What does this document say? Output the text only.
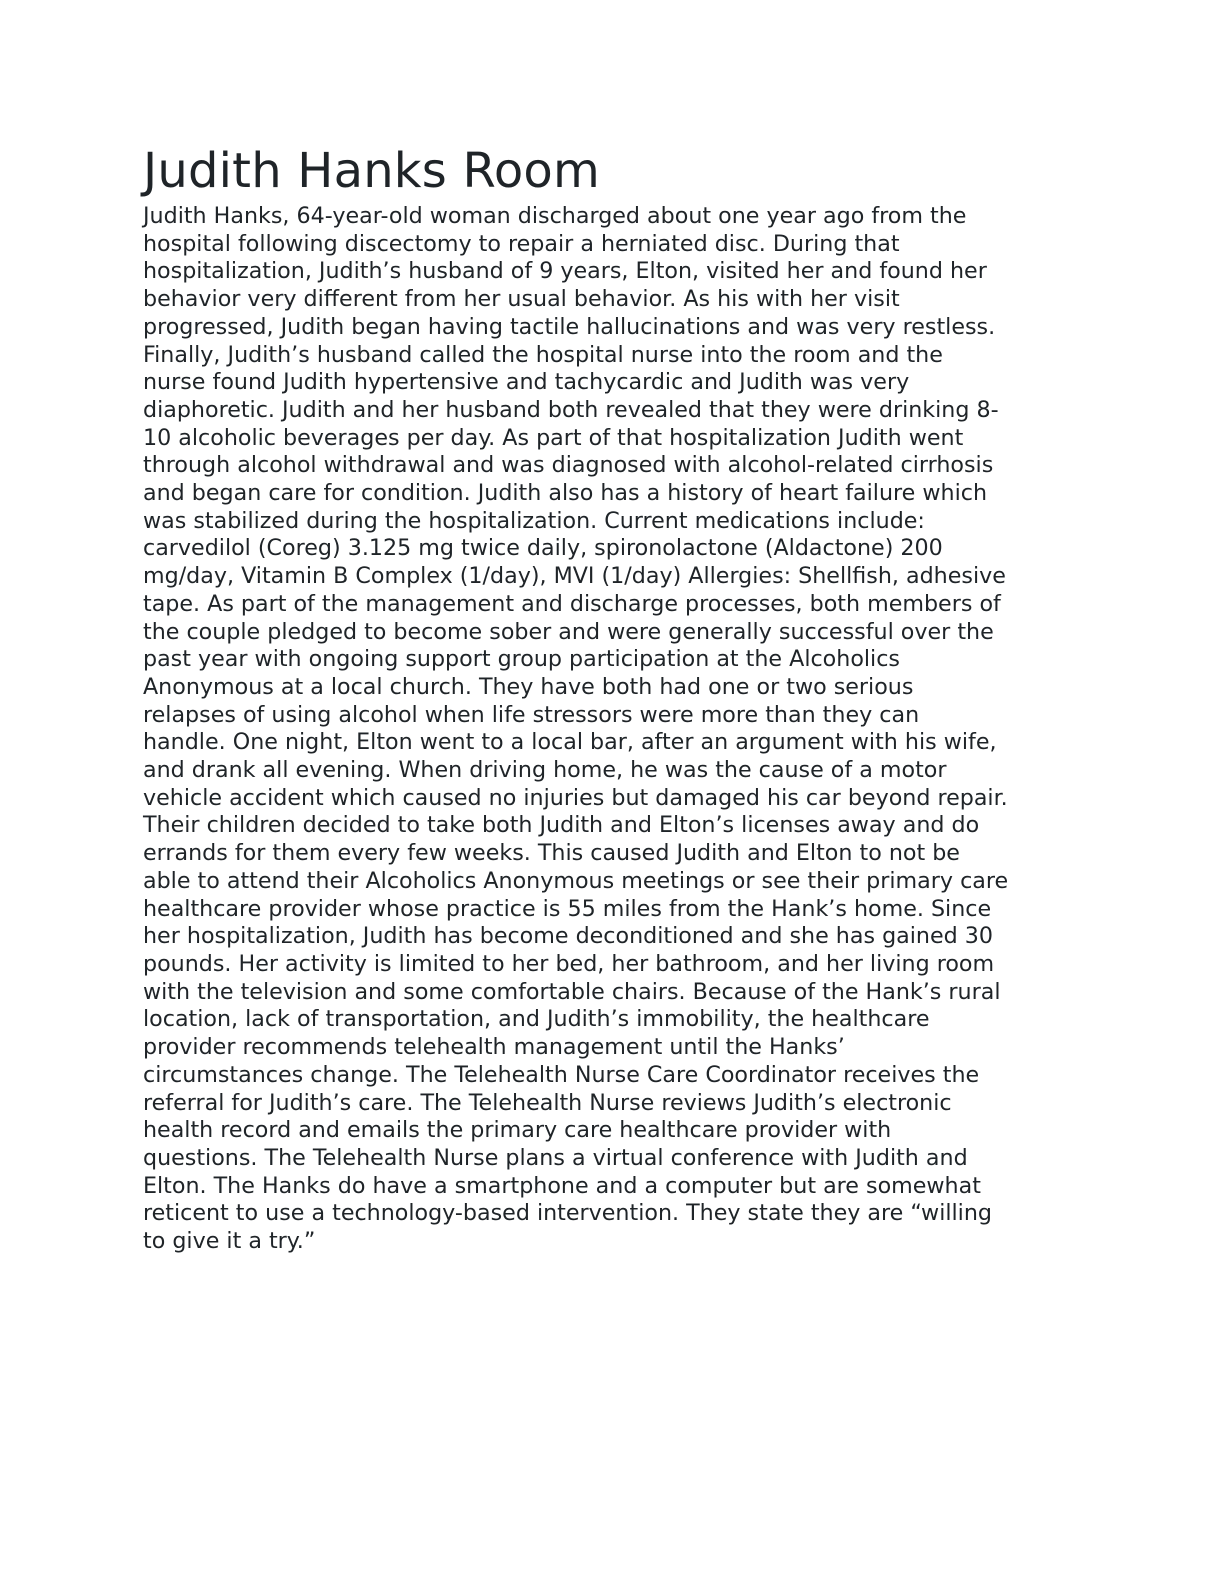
Judith Hanks Room
Judith Hanks, 64-year-old woman discharged about one year ago from the
hospital following discectomy to repair a herniated disc. During that
hospitalization, Judith’s husband of 9 years, Elton, visited her and found her
behavior very different from her usual behavior. As his with her visit
progressed, Judith began having tactile hallucinations and was very restless.
Finally, Judith’s husband called the hospital nurse into the room and the
nurse found Judith hypertensive and tachycardic and Judith was very
diaphoretic. Judith and her husband both revealed that they were drinking 8-
10 alcoholic beverages per day. As part of that hospitalization Judith went
through alcohol withdrawal and was diagnosed with alcohol-related cirrhosis
and began care for condition. Judith also has a history of heart failure which
was stabilized during the hospitalization. Current medications include:
carvedilol (Coreg) 3.125 mg twice daily, spironolactone (Aldactone) 200
mg/day, Vitamin B Complex (1/day), MVI (1/day) Allergies: Shellfish, adhesive
tape. As part of the management and discharge processes, both members of
the couple pledged to become sober and were generally successful over the
past year with ongoing support group participation at the Alcoholics
Anonymous at a local church. They have both had one or two serious
relapses of using alcohol when life stressors were more than they can
handle. One night, Elton went to a local bar, after an argument with his wife,
and drank all evening. When driving home, he was the cause of a motor
vehicle accident which caused no injuries but damaged his car beyond repair.
Their children decided to take both Judith and Elton’s licenses away and do
errands for them every few weeks. This caused Judith and Elton to not be
able to attend their Alcoholics Anonymous meetings or see their primary care
healthcare provider whose practice is 55 miles from the Hank’s home. Since
her hospitalization, Judith has become deconditioned and she has gained 30
pounds. Her activity is limited to her bed, her bathroom, and her living room
with the television and some comfortable chairs. Because of the Hank’s rural
location, lack of transportation, and Judith’s immobility, the healthcare
provider recommends telehealth management until the Hanks’
circumstances change. The Telehealth Nurse Care Coordinator receives the
referral for Judith’s care. The Telehealth Nurse reviews Judith’s electronic
health record and emails the primary care healthcare provider with
questions. The Telehealth Nurse plans a virtual conference with Judith and
Elton. The Hanks do have a smartphone and a computer but are somewhat
reticent to use a technology-based intervention. They state they are “willing
to give it a try.”
